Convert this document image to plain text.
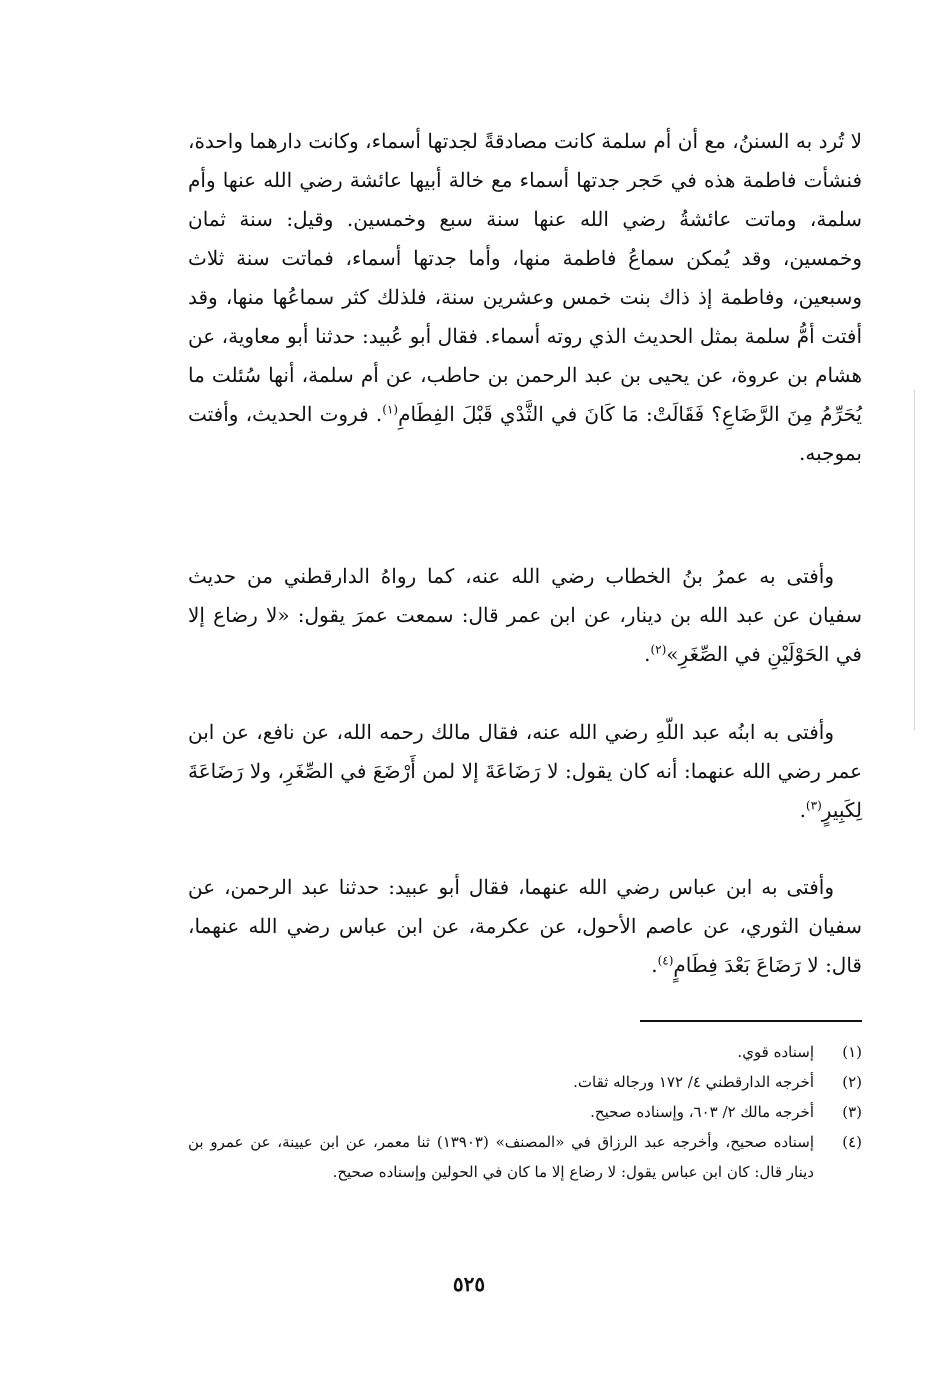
لا تُرد به السننُ، مع أن أم سلمة كانت مصادقةً لجدتها أسماء، وكانت دارهما واحدة، فنشأت فاطمة هذه في حَجر جدتها أسماء مع خالة أبيها عائشة رضي الله عنها وأم سلمة، وماتت عائشةُ رضي الله عنها سنة سبع وخمسين. وقيل: سنة ثمان وخمسين، وقد يُمكن سماعُ فاطمة منها، وأما جدتها أسماء، فماتت سنة ثلاث وسبعين، وفاطمة إذ ذاك بنت خمس وعشرين سنة، فلذلك كثر سماعُها منها، وقد أفتت أمُّ سلمة بمثل الحديث الذي روته أسماء. فقال أبو عُبيد: حدثنا أبو معاوية، عن هشام بن عروة، عن يحيى بن عبد الرحمن بن حاطب، عن أم سلمة، أنها سُئلت ما يُحَرِّمُ مِنَ الرَّضَاعِ؟ فَقَالَتْ: مَا كَانَ في الثَّدْي قَبْلَ الفِطَامِ$^{(١)}$. فروت الحديث، وأفتت بموجبه.

وأفتى به عمرُ بنُ الخطاب رضي الله عنه، كما رواهُ الدارقطني من حديث سفيان عن عبد الله بن دينار، عن ابن عمر قال: سمعت عمرَ يقول: «لا رضاع إلا في الحَوْلَيْنِ في الصِّغَرِ»$^{(٢)}$.

وأفتى به ابنُه عبد اللّهِ رضي الله عنه، فقال مالك رحمه الله، عن نافع، عن ابن عمر رضي الله عنهما: أنه كان يقول: لا رَضَاعَةَ إلا لمن أَرْضَعَ في الصِّغَرِ، ولا رَضَاعَةَ لِكَبِيرٍ$^{(٣)}$.

وأفتى به ابن عباس رضي الله عنهما، فقال أبو عبيد: حدثنا عبد الرحمن، عن سفيان الثوري، عن عاصم الأحول، عن عكرمة، عن ابن عباس رضي الله عنهما، قال: لا رَضَاعَ بَعْدَ فِطَامٍ$^{(٤)}$.

(١)
إسناده قوي.
(٢)
أخرجه الدارقطني ٤/ ١٧٢ ورجاله ثقات.
(٣)
أخرجه مالك ٢/ ٦٠٣، وإسناده صحيح.
(٤)
إسناده صحيح، وأخرجه عبد الرزاق في «المصنف» (١٣٩٠٣) ثنا معمر، عن ابن عيينة، عن عمرو بن دينار قال: كان ابن عباس يقول: لا رضاع إلا ما كان في الحولين وإسناده صحيح.
٥٢٥
